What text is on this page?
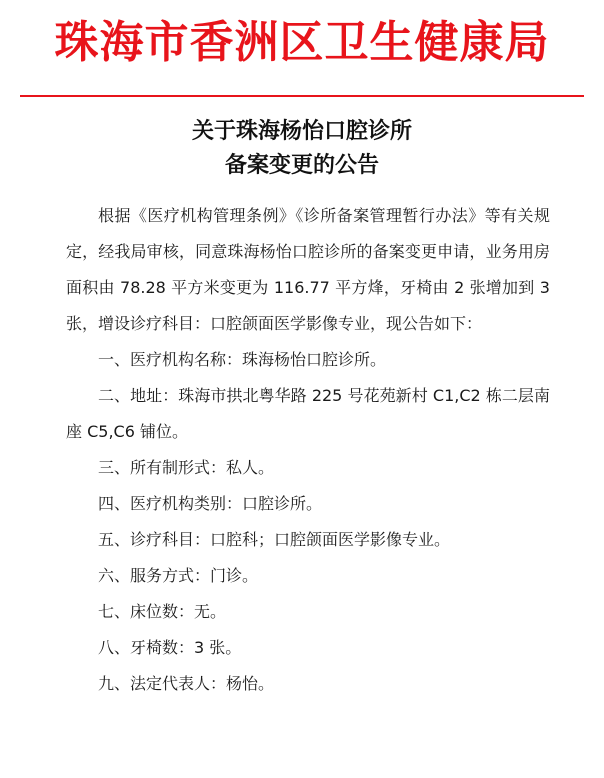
珠海市香洲区卫生健康局
关于珠海杨怡口腔诊所
备案变更的公告

根据《医疗机构管理条例》《诊所备案管理暂行办法》等有关规定，经我局审核，同意珠海杨怡口腔诊所的备案变更申请，业务用房面积由 78.28 平方米变更为 116.77 平方烽，牙椅由 2 张增加到 3 张，增设诊疗科目：口腔颌面医学影像专业，现公告如下：

一、医疗机构名称：珠海杨怡口腔诊所。

二、地址：珠海市拱北粤华路 225 号花苑新村 C1,C2 栋二层南座 C5,C6 铺位。

三、所有制形式：私人。

四、医疗机构类别：口腔诊所。

五、诊疗科目：口腔科；口腔颌面医学影像专业。

六、服务方式：门诊。

七、床位数：无。

八、牙椅数：3 张。

九、法定代表人：杨怡。
